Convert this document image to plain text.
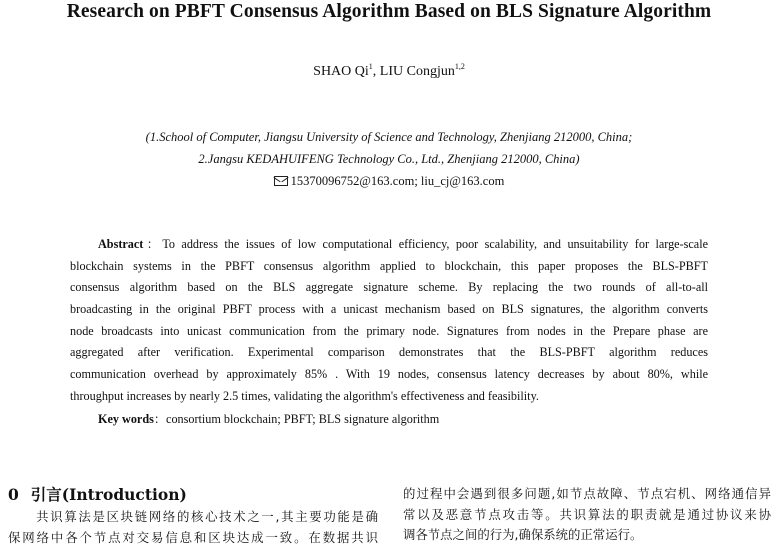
Research on PBFT Consensus Algorithm Based on BLS Signature Algorithm
SHAO Qi$^1$, LIU Congjun$^{1,2}$
(1.School of Computer, Jiangsu University of Science and Technology, Zhenjiang 212000, China;
2.Jangsu KEDAHUIFENG Technology Co., Ltd., Zhenjiang 212000, China)
15370096752@163.com; liu_cj@163.com
Abstract：To address the issues of low computational efficiency, poor scalability, and unsuitability for large-scale
blockchain systems in the PBFT consensus algorithm applied to blockchain, this paper proposes the BLS-PBFT
consensus algorithm based on the BLS aggregate signature scheme. By replacing the two rounds of all-to-all
broadcasting in the original PBFT process with a unicast mechanism based on BLS signatures, the algorithm converts
node broadcasts into unicast communication from the primary node. Signatures from nodes in the Prepare phase are
aggregated after verification. Experimental comparison demonstrates that the BLS-PBFT algorithm reduces
communication overhead by approximately 85% . With 19 nodes, consensus latency decreases by about 80%, while
throughput increases by nearly 2.5 times, validating the algorithm's effectiveness and feasibility.
Key words：consortium blockchain; PBFT; BLS signature algorithm
0 引言(Introduction)
　　共识算法是区块链网络的核心技术之一,其主要功能是确
保网络中各个节点对交易信息和区块达成一致。在数据共识
的过程中会遇到很多问题,如节点故障、节点宕机、网络通信异
常以及恶意节点攻击等。共识算法的职责就是通过协议来协
调各节点之间的行为,确保系统的正常运行。
